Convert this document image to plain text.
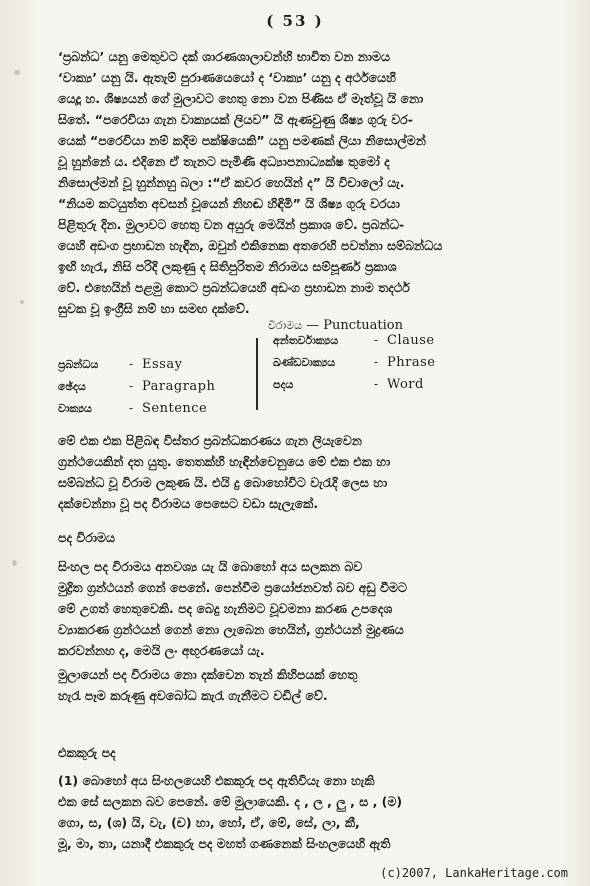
( 53 )
‘ප්‍රබන්ධ’ යනු මෙතුවට දක් ශාරණශාලාවන්හි භාවිත වන නාමය
‘වාක්‍ය’ යනු යි. ඇතැම් පුරාණයෙයෝ ද ‘වාක්‍ය’ යනු ද අර්ථයෙහි
යෙදූ හ. ශිෂ්‍යයන් ගේ මුලාවට හෙතු නො වන පිණිස ඒ මෑත්වූ යි නො
සිතේ. “පරෙවියා ගැන වාක්‍යයක් ලියව” යි ඇණවුණු ශිෂ්‍ය ගුරු වර-
යෙක් “පරෙවියා නම් කදිම පක්ෂියෙකි” යනු පමණක් ලියා නිසොල්මන්
වූ හුන්නේ ය. එදිනෙ ඒ තැනට පැමිණි අධ්‍යාපනාධ්‍යක්ෂ තුමෝ ද
නිසොල්මන් වූ හුන්නහු බලා :“ඒ කවර හෙයින් ද” යි විචාලෝ යැ.
“නියම කටයුත්ත අවසන් වූයෙන් නිහඬ හිඳිමි” යි ශිෂ්‍ය ගුරු වරයා
පිළිතුරු දින. මුලාවට හෙතු වන අයුරු මෙයින් ප්‍රකාශ වේ. ප්‍රබන්ධ-
යෙහි අඩංග ප්‍රභාඩන හැඳින, ඔවුන් එකිනෙක අතරෙහි පවත්නා සම්බන්ධය
ඉඟි හැරැ, නිසි පරිදි ලකුණු ද සිතිපුරිතම නිරාමය සම්පූර්ණ ප්‍රකාශ
වේ. එහෙයින් පළමු කොට ප්‍රබන්ධයෙහි අඩංග ප්‍රභාඩන නාම තදර්ථ
සුවක වූ ඉංග්‍රීසි නම් හා සමඟ දක්වේ.
විරාමය — Punctuation
ප්‍රබන්ධය - Essay
ඡේදය	- Paragraph
වාක්‍යය	- Sentence
අන්තර්වාක්‍යය	- Clause
ඛණ්ඩවාක්‍යය	- Phrase
පදය	- Word
මේ එක එක පිළිබඳ විස්තර ප්‍රබන්ධකරණය ගැන ලියැවෙන
ග්‍රන්ථයෙකින් දත යුතු. තෙතක්හි හැඳින්වෙනුයෙ මේ එක එක හා
සම්බන්ධ වූ විරාම ලකුණ යි. එයි දු බොහෝවිට වැරැදි ලෙස හා
දක්වෙන්නා වූ පද විරාමය පෙසෙට වඩා සැලැකේ.
පද විරාමය
සිංහල පද විරාමය අනවශ්‍ය යැ යි බොහෝ අය සලකන බව
මුද්‍රිත ග්‍රන්ථයන් ගෙන් පෙනේ. පෙන්වීම ප්‍රයෝජනවත් බව අඩු වීමට
මේ උගත් හෙතුවෙකි. පද බෙදු හැනිමට වූවමනා කරණ උපදෙශ
ව්‍යාකරණ ග්‍රන්ථයන් ගෙන් නො ලැබෙන හෙයින්, ග්‍රන්ථයන් මුද්‍රණය
කරවන්නහ ද, මෙයි ලං අඟුරණයෝ යැ.
මුලායෙන් පද විරාමය නො දක්වෙන තැන් කිහිපයක් හෙතු
හැරැ පෑම කරුණු අවබෝධ කැරැ ගැනීමට වඩිල් වේ.
එකකුරු පද
(1) බොහෝ අය සිංහලයෙහි එකකුරු පද ඇතිවියැ නො හැකි
එක සේ සලකන බව පෙනේ. මේ මුලායෙකි. ද , ල , ලු , ස , (ම)
ගො, ස, (ශ) යි, වැ, (ච) හා, හෝ, ඒ, මේ, සේ, ලා, කී,
මූ, මා, තා, යනාදී එකකුරු පද මහත් ගණනෙක් සිංහලයෙහි ඇති
(c)2007, LankaHeritage.com
